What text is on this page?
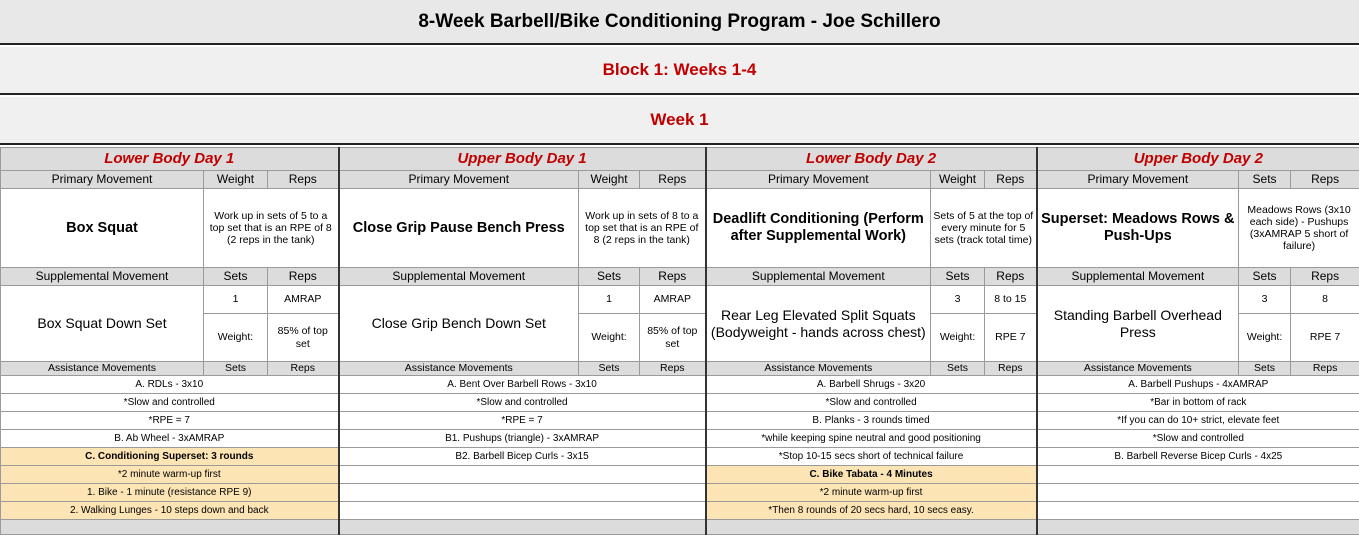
8-Week Barbell/Bike Conditioning Program - Joe Schillero
Block 1: Weeks 1-4
Week 1
Lower Body Day 1			Upper Body Day 1			Lower Body Day 2			Upper Body Day 2		
Primary Movement	Weight	Reps	Primary Movement	Weight	Reps	Primary Movement	Weight	Reps	Primary Movement	Sets	Reps
Box Squat	Work up in sets of 5 to a top set that is an RPE of 8 (2 reps in the tank)		Close Grip Pause Bench Press	Work up in sets of 8 to a top set that is an RPE of 8 (2 reps in the tank)		Deadlift Conditioning (Perform after Supplemental Work)	Sets of 5 at the top of every minute for 5 sets (track total time)		Superset: Meadows Rows & Push-Ups	Meadows Rows (3x10 each side) - Pushups (3xAMRAP 5 short of failure)	
Supplemental Movement	Sets	Reps	Supplemental Movement	Sets	Reps	Supplemental Movement	Sets	Reps	Supplemental Movement	Sets	Reps
Box Squat Down Set	1	AMRAP	Close Grip Bench Down Set	1	AMRAP	Rear Leg Elevated Split Squats (Bodyweight - hands across chest)	3	8 to 15	Standing Barbell Overhead Press	3	8
	Weight:	85% of top set		Weight:	85% of top set		Weight:	RPE 7		Weight:	RPE 7
Assistance Movements	Sets	Reps	Assistance Movements	Sets	Reps	Assistance Movements	Sets	Reps	Assistance Movements	Sets	Reps
A. RDLs - 3x10			A. Bent Over Barbell Rows - 3x10			A. Barbell Shrugs - 3x20			A. Barbell Pushups - 4xAMRAP		
*Slow and controlled			*Slow and controlled			*Slow and controlled			*Bar in bottom of rack		
*RPE = 7			*RPE = 7			B. Planks - 3 rounds timed			*If you can do 10+ strict, elevate feet		
B. Ab Wheel - 3xAMRAP			B1. Pushups (triangle) - 3xAMRAP			*while keeping spine neutral and good positioning			*Slow and controlled		
C. Conditioning Superset: 3 rounds			B2. Barbell Bicep Curls - 3x15			*Stop 10-15 secs short of technical failure			B. Barbell Reverse Bicep Curls - 4x25		
*2 minute warm-up first						C. Bike Tabata - 4 Minutes					
1. Bike - 1 minute (resistance RPE 9)						*2 minute warm-up first					
2. Walking Lunges - 10 steps down and back						*Then 8 rounds of 20 secs hard, 10 secs easy.					
